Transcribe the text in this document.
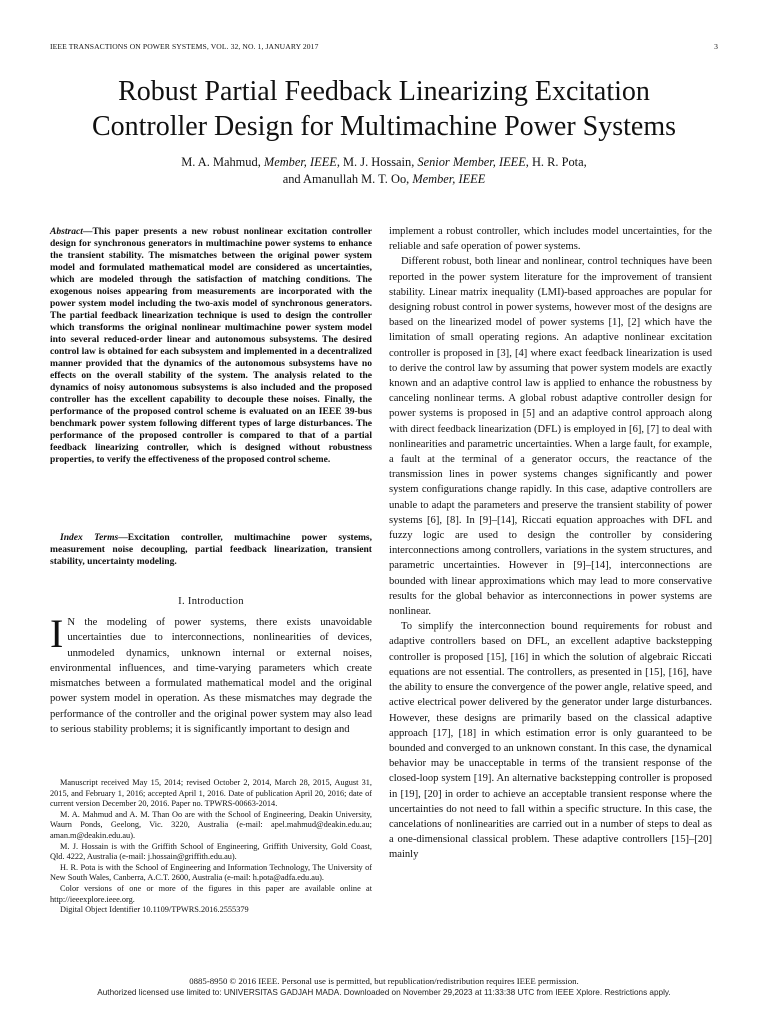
IEEE TRANSACTIONS ON POWER SYSTEMS, VOL. 32, NO. 1, JANUARY 2017	3
Robust Partial Feedback Linearizing Excitation
Controller Design for Multimachine Power Systems

M. A. Mahmud, Member, IEEE, M. J. Hossain, Senior Member, IEEE, H. R. Pota,
and Amanullah M. T. Oo, Member, IEEE

Abstract—This paper presents a new robust nonlinear excitation controller design for synchronous generators in multimachine power systems to enhance the transient stability. The mismatches between the original power system model and formulated mathematical model are considered as uncertainties, which are modeled through the satisfaction of matching conditions. The exogenous noises appearing from measurements are incorporated with the power system model including the two-axis model of synchronous generators. The partial feedback linearization technique is used to design the controller which transforms the original nonlinear multimachine power system model into several reduced-order linear and autonomous subsystems. The desired control law is obtained for each subsystem and implemented in a decentralized manner provided that the dynamics of the autonomous subsystems have no effects on the overall stability of the system. The analysis related to the dynamics of noisy autonomous subsystems is also included and the proposed controller has the excellent capability to decouple these noises. Finally, the performance of the proposed control scheme is evaluated on an IEEE 39-bus benchmark power system following different types of large disturbances. The performance of the proposed controller is compared to that of a partial feedback linearizing controller, which is designed without robustness properties, to verify the effectiveness of the proposed control scheme.

Index Terms—Excitation controller, multimachine power systems, measurement noise decoupling, partial feedback linearization, transient stability, uncertainty modeling.

I. Introduction

I N the modeling of power systems, there exists unavoidable uncertainties due to interconnections, nonlinearities of devices, unmodeled dynamics, unknown internal or external noises, environmental influences, and time-varying parameters which create mismatches between a formulated mathematical model and the original power system model in operation. As these mismatches may degrade the performance of the controller and the original power system may also lead to serious stability problems; it is significantly important to design and

Manuscript received May 15, 2014; revised October 2, 2014, March 28, 2015, August 31, 2015, and February 1, 2016; accepted April 1, 2016. Date of publication April 20, 2016; date of current version December 20, 2016. Paper no. TPWRS-00663-2014.

M. A. Mahmud and A. M. Than Oo are with the School of Engineering, Deakin University, Waurn Ponds, Geelong, Vic. 3220, Australia (e-mail: apel.mahmud@deakin.edu.au; aman.m@deakin.edu.au).

M. J. Hossain is with the Griffith School of Engineering, Griffith University, Gold Coast, Qld. 4222, Australia (e-mail: j.hossain@griffith.edu.au).

H. R. Pota is with the School of Engineering and Information Technology, The University of New South Wales, Canberra, A.C.T. 2600, Australia (e-mail: h.pota@adfa.edu.au).

Color versions of one or more of the figures in this paper are available online at http://ieeexplore.ieee.org.

Digital Object Identifier 10.1109/TPWRS.2016.2555379

implement a robust controller, which includes model uncertainties, for the reliable and safe operation of power systems.

Different robust, both linear and nonlinear, control techniques have been reported in the power system literature for the improvement of transient stability. Linear matrix inequality (LMI)-based approaches are popular for designing robust control in power systems, however most of the designs are based on the linearized model of power systems [1], [2] which have the limitation of small operating regions. An adaptive nonlinear excitation controller is proposed in [3], [4] where exact feedback linearization is used to derive the control law by assuming that power system models are exactly known and an adaptive control law is applied to enhance the robustness by canceling nonlinear terms. A global robust adaptive controller design for power systems is proposed in [5] and an adaptive control approach along with direct feedback linearization (DFL) is employed in [6], [7] to deal with nonlinearities and parametric uncertainties. When a large fault, for example, a fault at the terminal of a generator occurs, the reactance of the transmission lines in power systems changes significantly and power system configurations change rapidly. In this case, adaptive controllers are unable to adapt the parameters and preserve the transient stability of power systems [6], [8]. In [9]–[14], Riccati equation approaches with DFL and fuzzy logic are used to design the controller by considering interconnections among controllers, variations in the system structures, and parametric uncertainties. However in [9]–[14], interconnections are bounded with linear approximations which may lead to more conservative results for the global behavior as interconnections in power systems are nonlinear.

To simplify the interconnection bound requirements for robust and adaptive controllers based on DFL, an excellent adaptive backstepping controller is proposed [15], [16] in which the solution of algebraic Riccati equations are not essential. The controllers, as presented in [15], [16], have the ability to ensure the convergence of the power angle, relative speed, and active electrical power delivered by the generator under large disturbances. However, these designs are primarily based on the classical adaptive approach [17], [18] in which estimation error is only guaranteed to be bounded and converged to an unknown constant. In this case, the dynamical behavior may be unacceptable in terms of the transient response of the closed-loop system [19]. An alternative backstepping controller is proposed in [19], [20] in order to achieve an acceptable transient response where the uncertainties do not need to fall within a specific structure. In this case, the cancelations of nonlinearities are carried out in a number of steps to deal as a one-dimensional classical problem. These adaptive controllers [15]–[20] mainly

0885-8950 © 2016 IEEE. Personal use is permitted, but republication/redistribution requires IEEE permission.
Authorized licensed use limited to: UNIVERSITAS GADJAH MADA. Downloaded on November 29,2023 at 11:33:38 UTC from IEEE Xplore. Restrictions apply.
